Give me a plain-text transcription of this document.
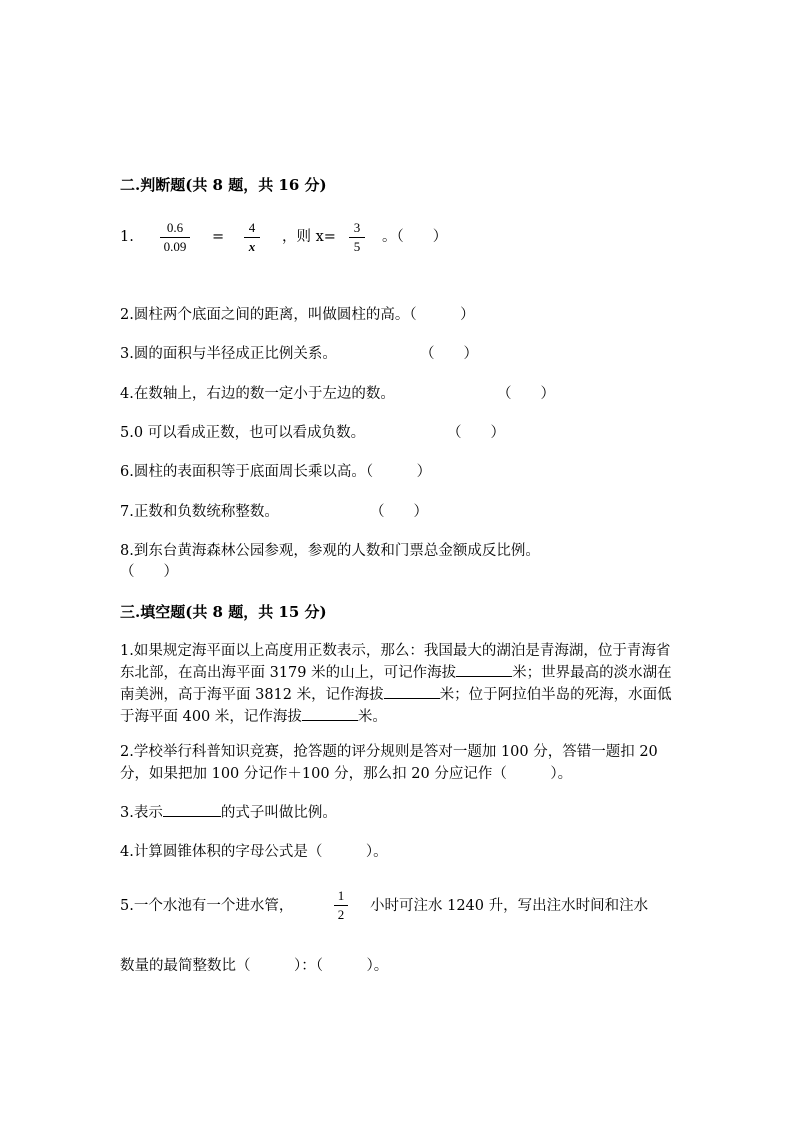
二.判断题(共 8 题，共 16 分)
1.
0.6
0.09
=
4
x
，则 x=
3
5
。（　　）
2.圆柱两个底面之间的距离，叫做圆柱的高。（　　　）
3.圆的面积与半径成正比例关系。	（　　）
4.在数轴上，右边的数一定小于左边的数。	（　　）
5.0 可以看成正数，也可以看成负数。	（　　）
6.圆柱的表面积等于底面周长乘以高。（　　　）
7.正数和负数统称整数。	（　　）
8.到东台黄海森林公园参观，参观的人数和门票总金额成反比例。
（　　）
三.填空题(共 8 题，共 15 分)
1.如果规定海平面以上高度用正数表示，那么：我国最大的湖泊是青海湖，位于青海省东北部，在高出海平面 3179 米的山上，可记作海拔	米；世界最高的淡水湖在南美洲，高于海平面 3812 米，记作海拔	米；位于阿拉伯半岛的死海，水面低于海平面 400 米，记作海拔	米。
2.学校举行科普知识竞赛，抢答题的评分规则是答对一题加 100 分，答错一题扣 20 分，如果把加 100 分记作＋100 分，那么扣 20 分应记作（　　　）。
3.表示	的式子叫做比例。
4.计算圆锥体积的字母公式是（　　　）。
5.一个水池有一个进水管，
1
2
小时可注水 1240 升，写出注水时间和注水
数量的最简整数比（　　　）：（　　　）。
